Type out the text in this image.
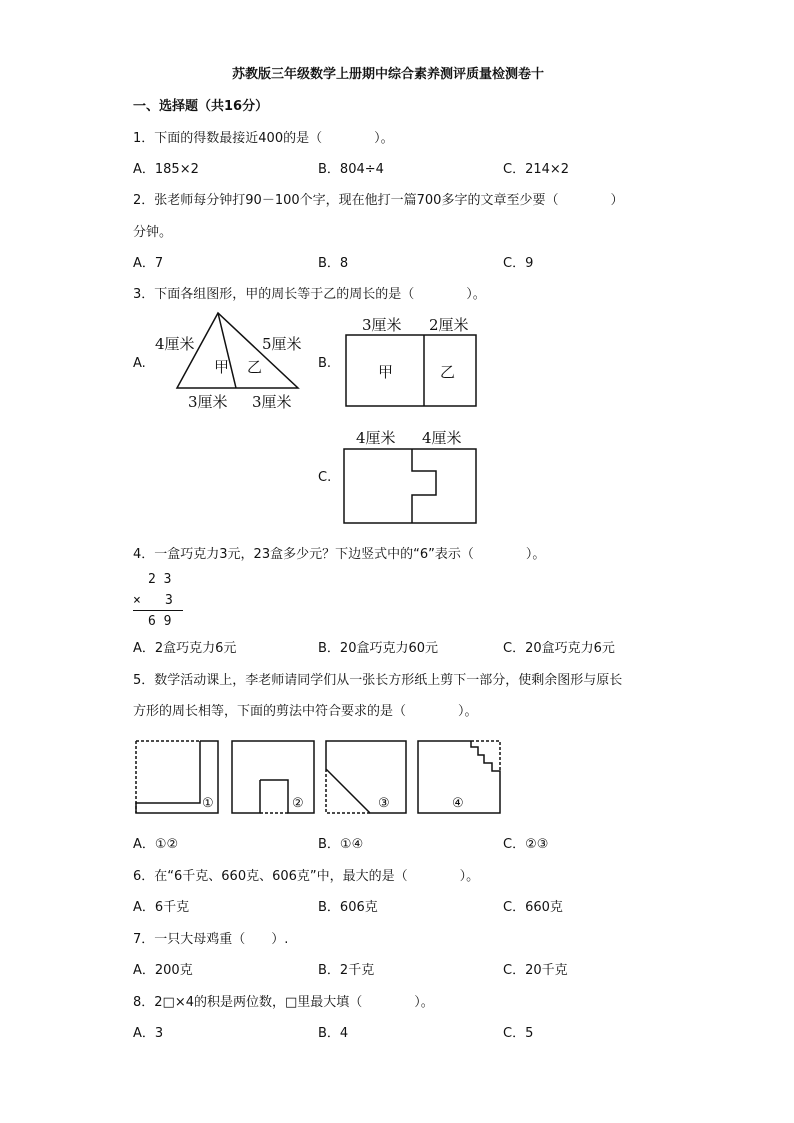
苏教版三年级数学上册期中综合素养测评质量检测卷十
一、选择题（共16分）
1．下面的得数最接近400的是（　　　　）。
A．185×2	B．804÷4	C．214×2
2．张老师每分钟打90－100个字，现在他打一篇700多字的文章至少要（　　　　）
分钟。
A．7	B．8	C．9
3．下面各组图形，甲的周长等于乙的周长的是（　　　　）。
A.	B.
C.
4厘米	5厘米
甲 乙
3厘米 3厘米
3厘米 2厘米
甲	乙
4厘米 4厘米
4．一盒巧克力3元，23盒多少元？下边竖式中的“6”表示（　　　　）。
2 3
× 3
6 9
A．2盒巧克力6元	B．20盒巧克力60元	C．20盒巧克力6元
5．数学活动课上，李老师请同学们从一张长方形纸上剪下一部分，使剩余图形与原长
方形的周长相等，下面的剪法中符合要求的是（　　　　）。
①	②	③	④
A．①②	B．①④	C．②③
6．在“6千克、660克、606克”中，最大的是（　　　　）。
A．6千克	B．606克	C．660克
7．一只大母鸡重（　　）.
A．200克	B．2千克	C．20千克
8．2□×4的积是两位数，□里最大填（　　　　）。
A．3	B．4	C．5
